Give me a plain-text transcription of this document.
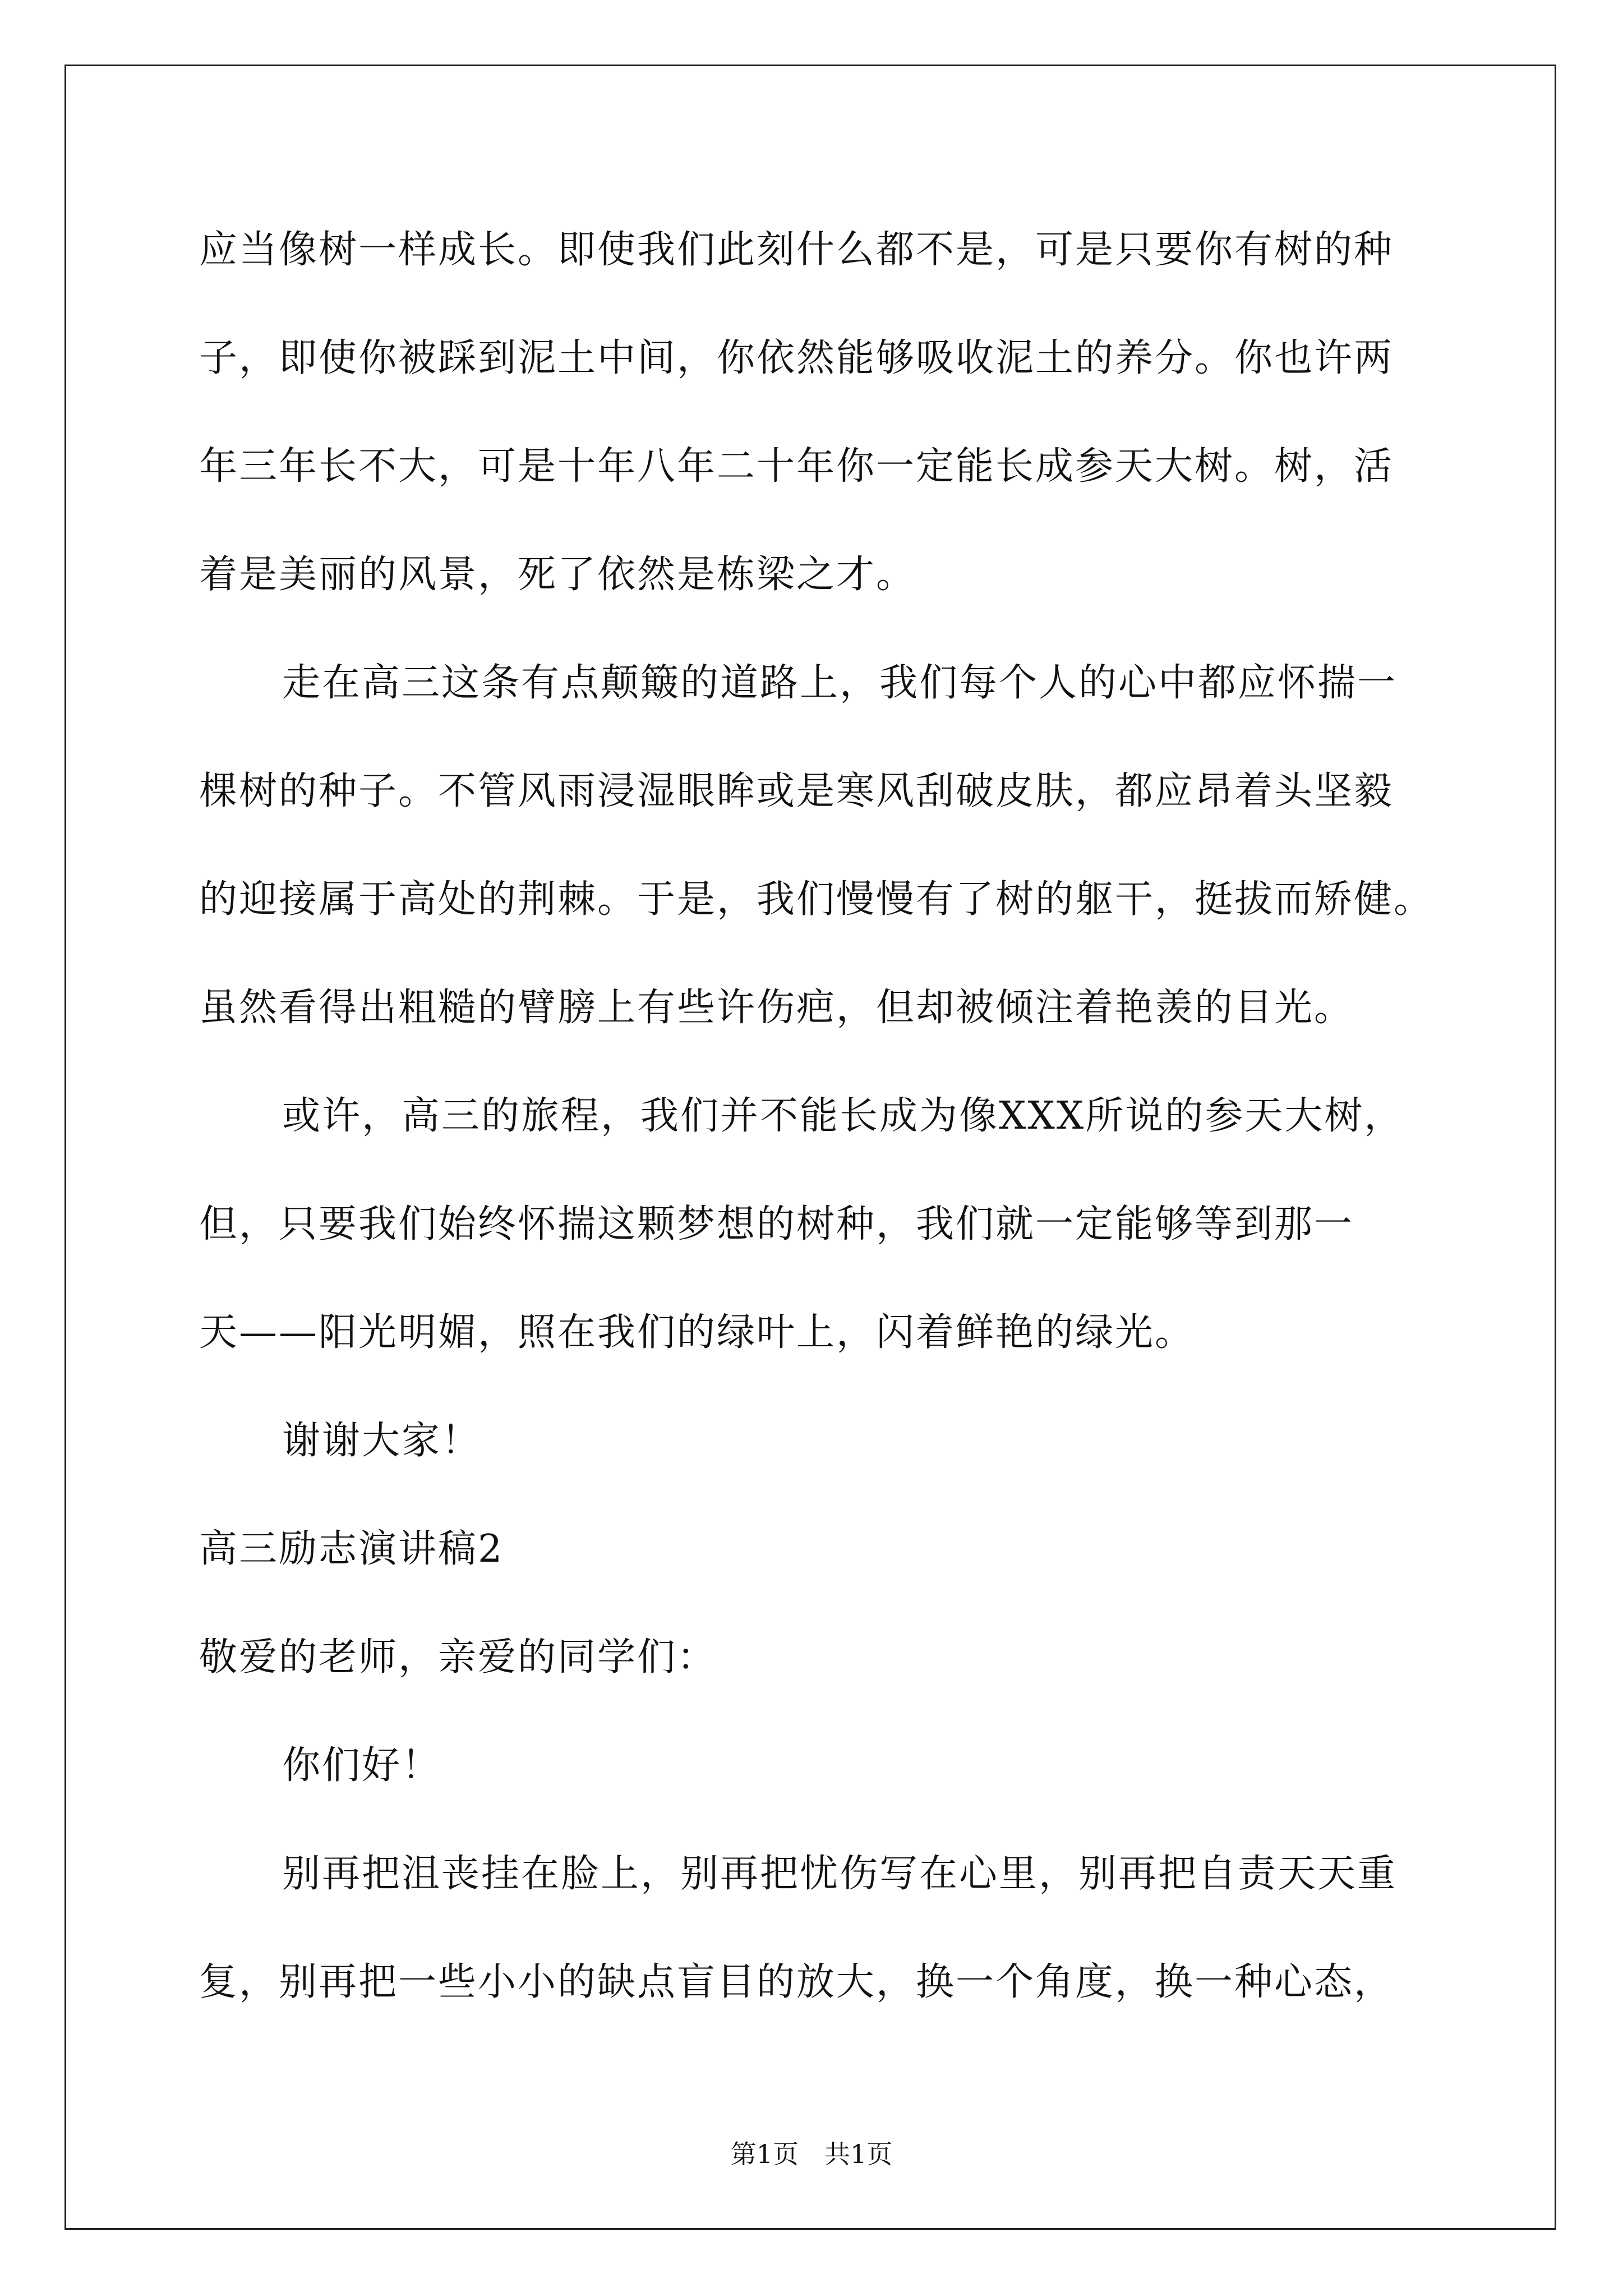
应当像树一样成长。即使我们此刻什么都不是，可是只要你有树的种
子，即使你被踩到泥土中间，你依然能够吸收泥土的养分。你也许两
年三年长不大，可是十年八年二十年你一定能长成参天大树。树，活
着是美丽的风景，死了依然是栋梁之才。
走在高三这条有点颠簸的道路上，我们每个人的心中都应怀揣一
棵树的种子。不管风雨浸湿眼眸或是寒风刮破皮肤，都应昂着头坚毅
的迎接属于高处的荆棘。于是，我们慢慢有了树的躯干，挺拔而矫健。
虽然看得出粗糙的臂膀上有些许伤疤，但却被倾注着艳羡的目光。
或许，高三的旅程，我们并不能长成为像XXX所说的参天大树，
但，只要我们始终怀揣这颗梦想的树种，我们就一定能够等到那一
天——阳光明媚，照在我们的绿叶上，闪着鲜艳的绿光。
谢谢大家！
高三励志演讲稿2
敬爱的老师，亲爱的同学们：
你们好！
别再把沮丧挂在脸上，别再把忧伤写在心里，别再把自责天天重
复，别再把一些小小的缺点盲目的放大，换一个角度，换一种心态，
第1页　共1页
